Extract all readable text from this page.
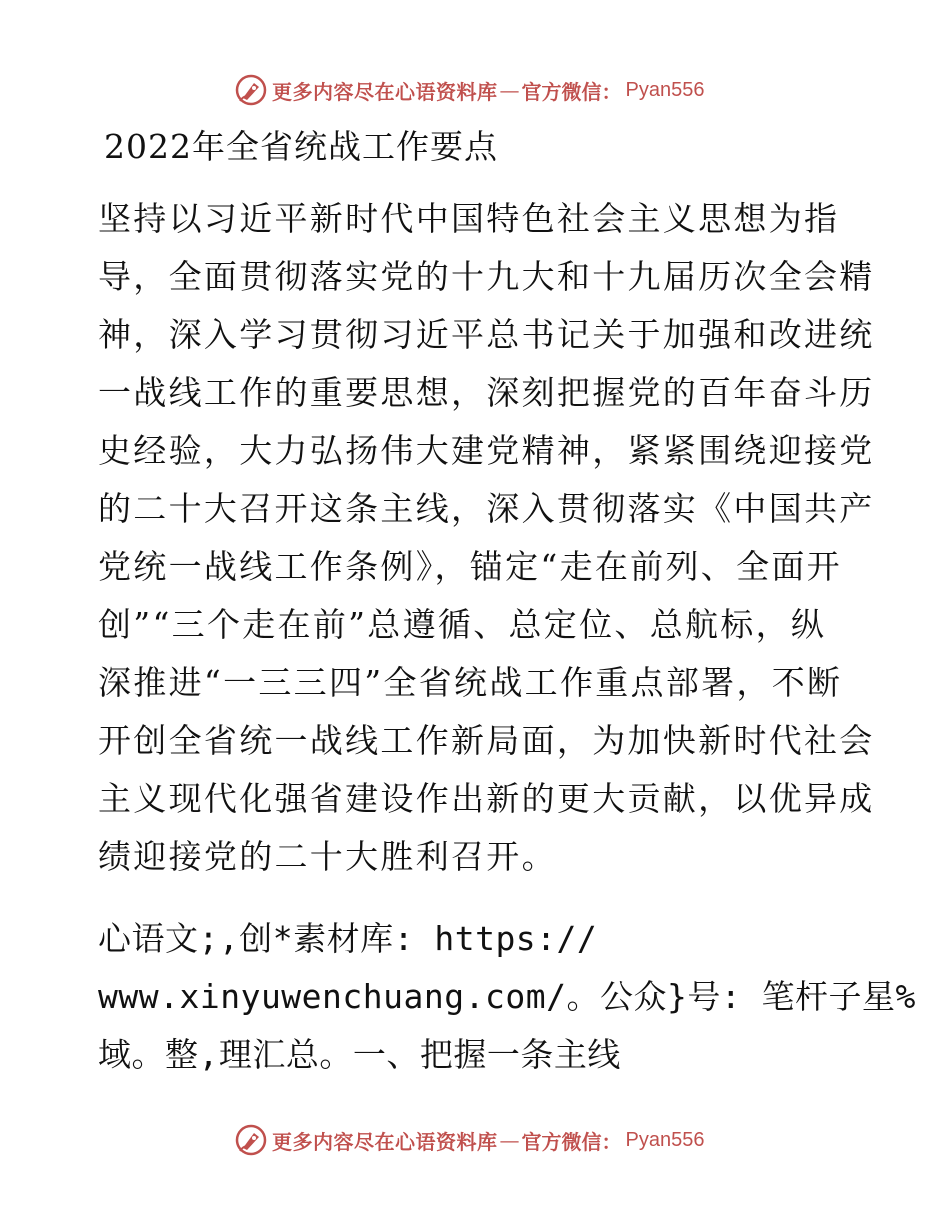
更多内容尽在心语资料库 — 官方微信： Pyan556
2022年全省统战工作要点
坚持以习近平新时代中国特色社会主义思想为指
导，全面贯彻落实党的十九大和十九届历次全会精
神，深入学习贯彻习近平总书记关于加强和改进统
一战线工作的重要思想，深刻把握党的百年奋斗历
史经验，大力弘扬伟大建党精神，紧紧围绕迎接党
的二十大召开这条主线，深入贯彻落实《中国共产
党统一战线工作条例》，锚定“走在前列、全面开
创”“三个走在前”总遵循、总定位、总航标，纵
深推进“一三三四”全省统战工作重点部署，不断
开创全省统一战线工作新局面，为加快新时代社会
主义现代化强省建设作出新的更大贡献，以优异成
绩迎接党的二十大胜利召开。
心语文;,创*素材库: https://
www.xinyuwenchuang.com/。公众}号: 笔杆子星%
域。整,理汇总。一、把握一条主线
更多内容尽在心语资料库 — 官方微信： Pyan556
